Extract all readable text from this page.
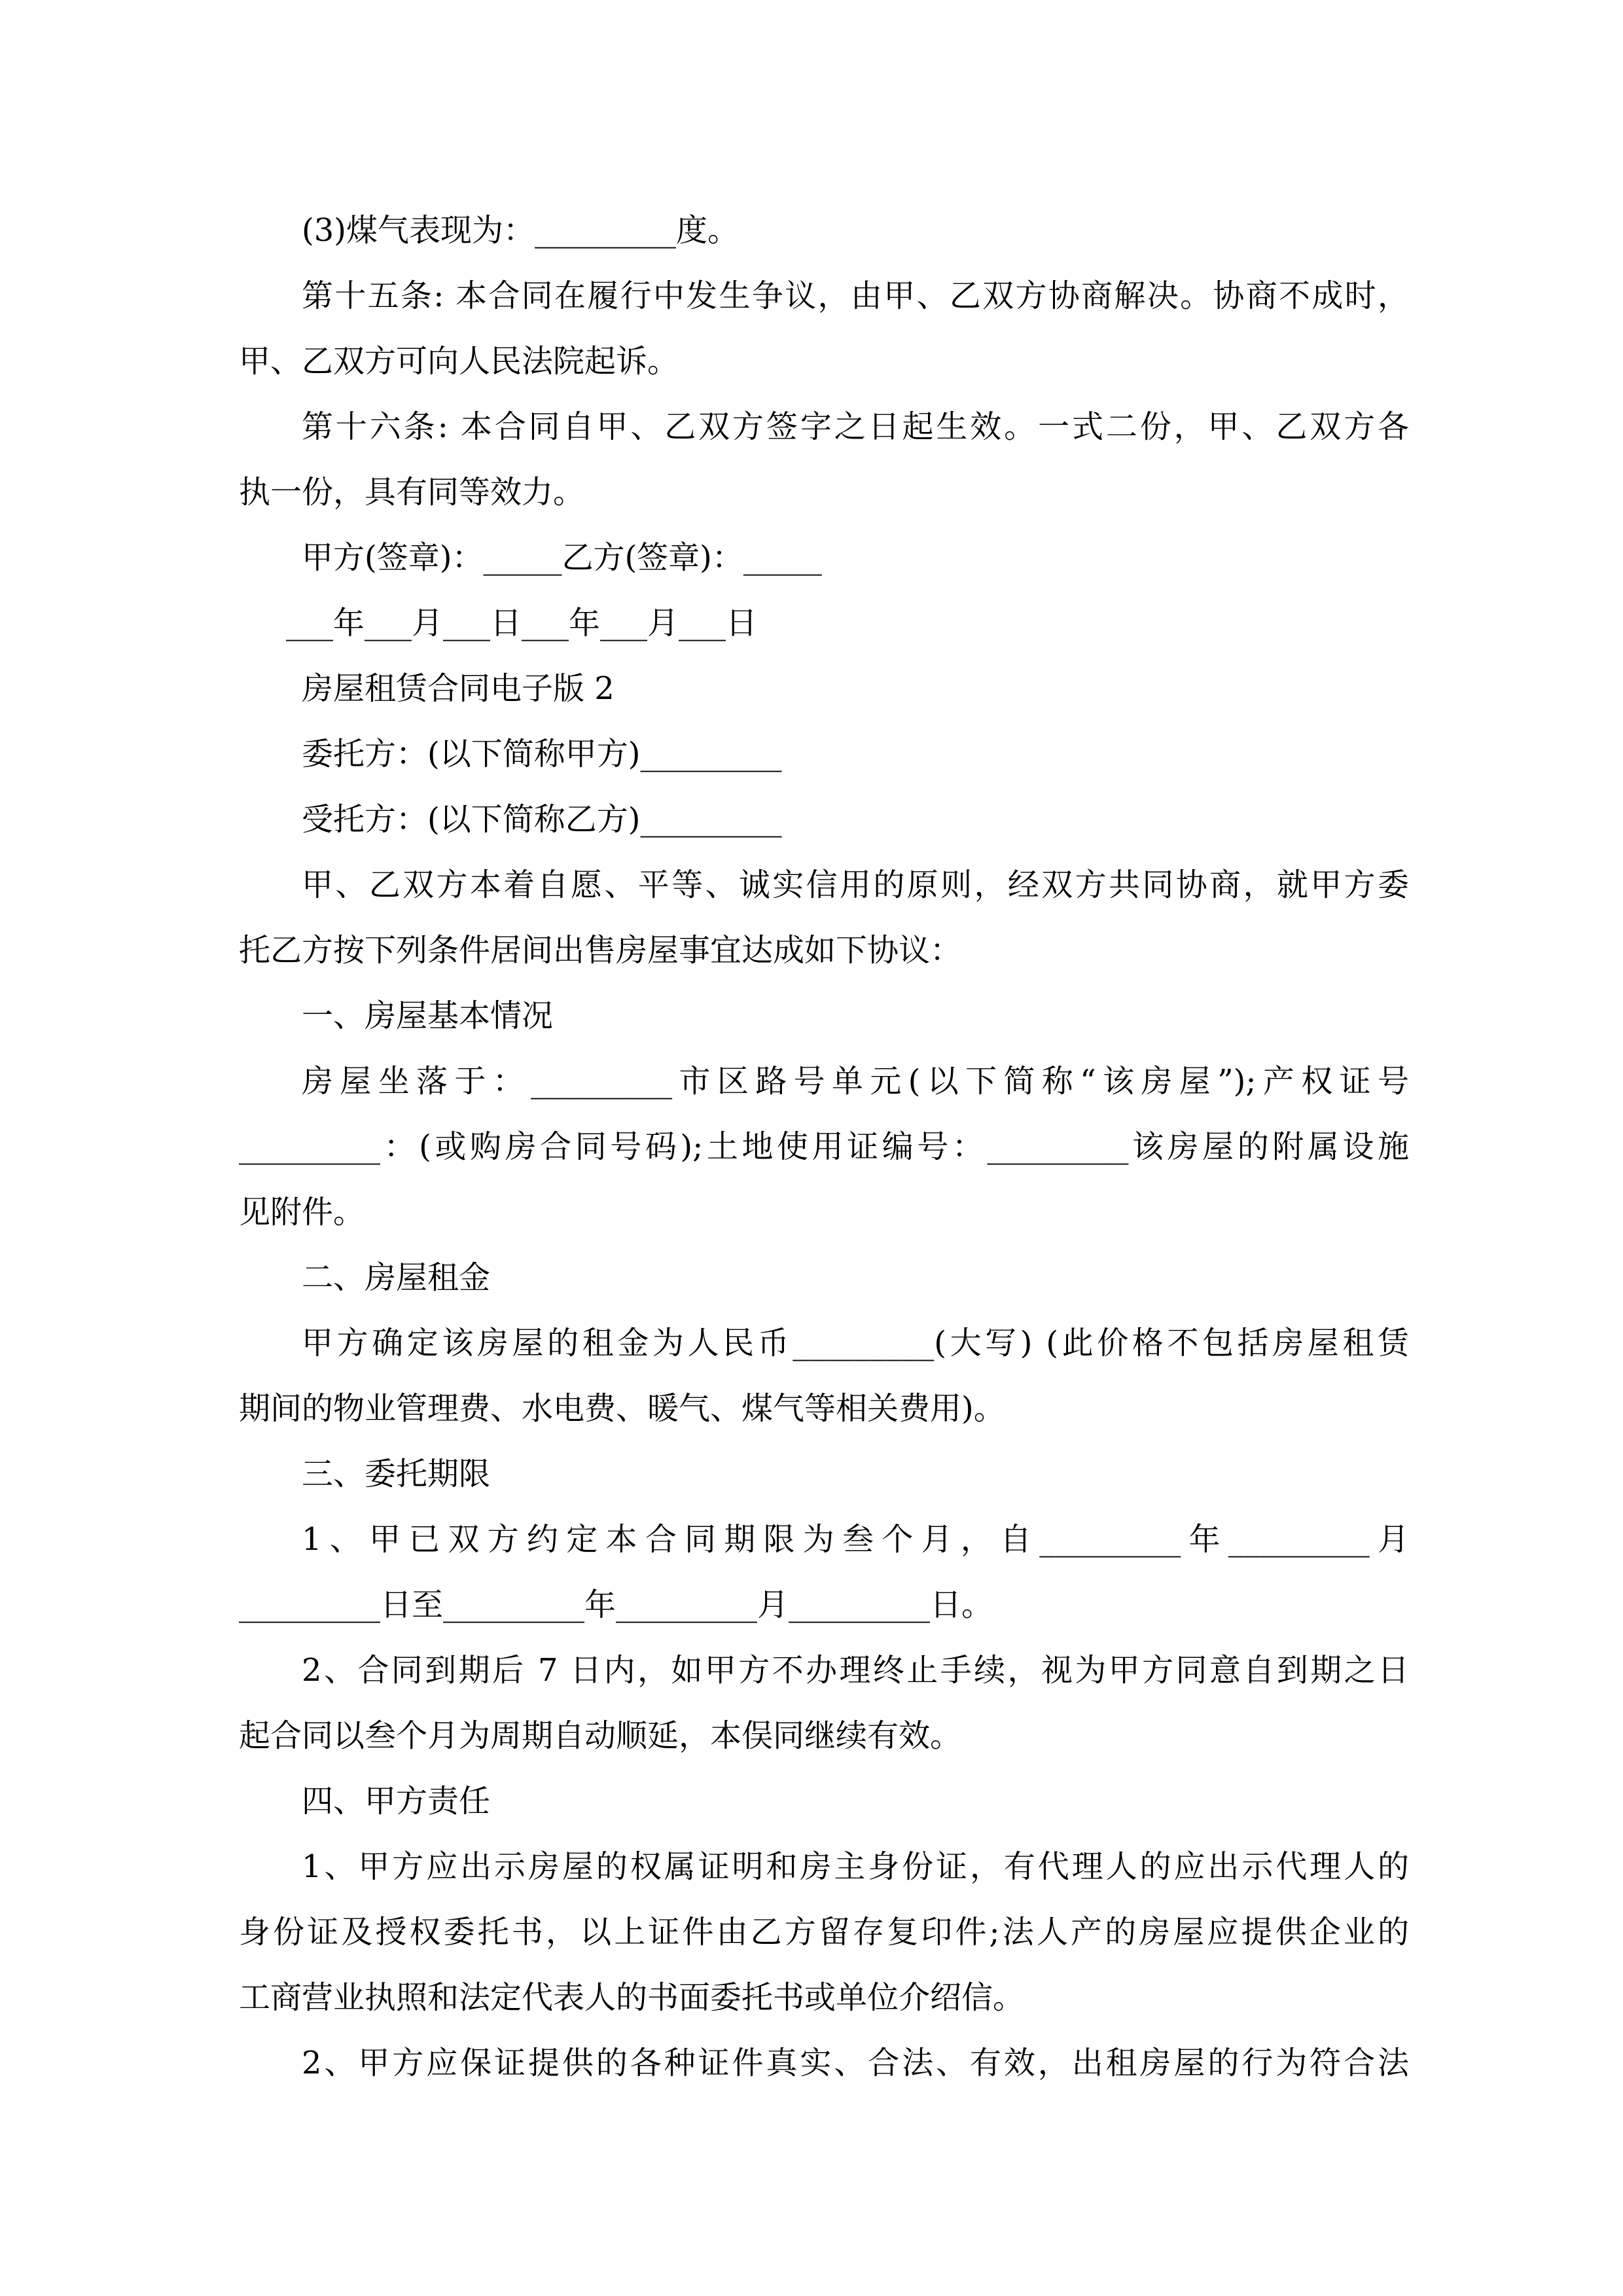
(3)煤气表现为：_________度。
第十五条: 本合同在履行中发生争议，由甲、乙双方协商解决。协商不成时，
甲、乙双方可向人民法院起诉。
第十六条: 本合同自甲、乙双方签字之日起生效。一式二份，甲、乙双方各
执一份，具有同等效力。
甲方(签章)：_____乙方(签章)：_____
___年___月___日___年___月___日
房屋租赁合同电子版 2
委托方：(以下简称甲方)_________
受托方：(以下简称乙方)_________
甲、乙双方本着自愿、平等、诚实信用的原则，经双方共同协商，就甲方委
托乙方按下列条件居间出售房屋事宜达成如下协议：
一、房屋基本情况
房屋坐落于：_________市区路号单元(以下简称“该房屋”);产权证号
_________：(或购房合同号码);土地使用证编号：_________该房屋的附属设施
见附件。
二、房屋租金
甲方确定该房屋的租金为人民币_________(大写) (此价格不包括房屋租赁
期间的物业管理费、水电费、暖气、煤气等相关费用)。
三、委托期限
1、甲已双方约定本合同期限为叁个月，自_________年_________月
_________日至_________年_________月_________日。
2、合同到期后 7 日内，如甲方不办理终止手续，视为甲方同意自到期之日
起合同以叁个月为周期自动顺延，本俣同继续有效。
四、甲方责任
1、甲方应出示房屋的权属证明和房主身份证，有代理人的应出示代理人的
身份证及授权委托书，以上证件由乙方留存复印件;法人产的房屋应提供企业的
工商营业执照和法定代表人的书面委托书或单位介绍信。
2、甲方应保证提供的各种证件真实、合法、有效，出租房屋的行为符合法
